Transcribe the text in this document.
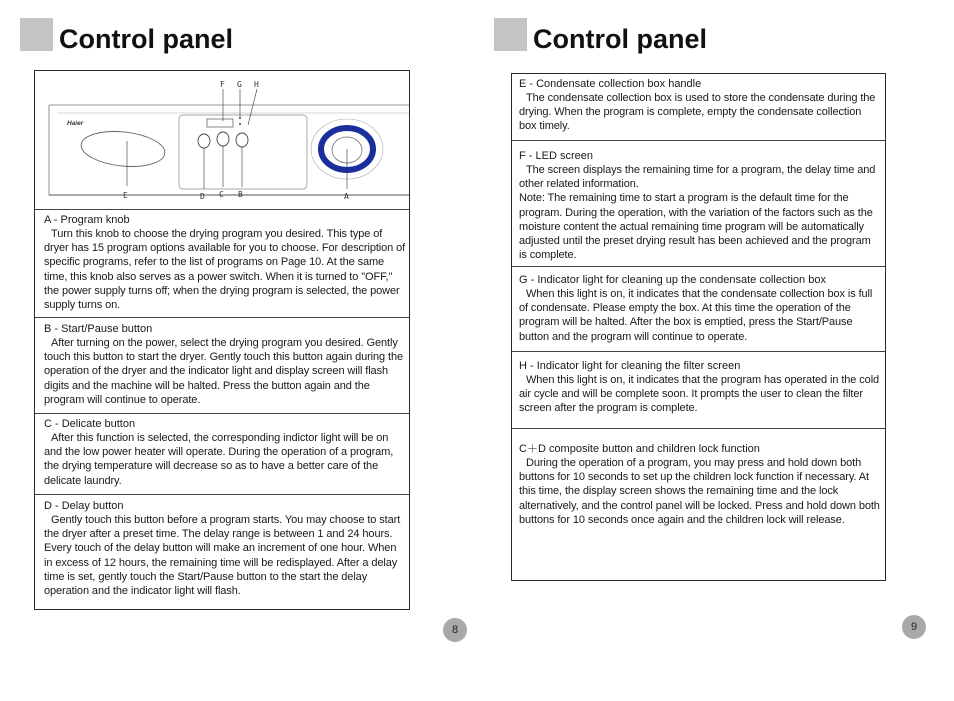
Control panel	Control panel
Haier
F G H
E	D C B	A
A - Program knob
Turn this knob to choose the drying program you desired. This type of dryer has 15 program options available for you to choose. For description of specific programs, refer to the list of programs on Page 10. At the same time, this knob also serves as a power switch. When it is turned to "OFF," the power supply turns off; when the drying program is selected, the power supply turns on.
B - Start/Pause button
After turning on the power, select the drying program you desired. Gently touch this button to start the dryer. Gently touch this button again during the operation of the dryer and the indicator light and display screen will flash digits and the machine will be halted. Press the button again and the program will continue to operate.
C - Delicate button
After this function is selected, the corresponding indictor light will be on and the low power heater will operate. During the operation of a program, the drying temperature will decrease so as to have a better care of the delicate laundry.
D - Delay button
Gently touch this button before a program starts. You may choose to start the dryer after a preset time. The delay range is between 1 and 24 hours. Every touch of the delay button will make an increment of one hour. When in excess of 12 hours, the remaining time will be redisplayed. After a delay time is set, gently touch the Start/Pause button to the start the delay operation and the indicator light will flash.
E - Condensate collection box handle
The condensate collection box is used to store the condensate during the drying. When the program is complete, empty the condensate collection box timely.
F - LED screen
The screen displays the remaining time for a program, the delay time and other related information.
Note: The remaining time to start a program is the default time for the program. During the operation, with the variation of the factors such as the moisture content the actual remaining time program will be automatically adjusted until the preset drying result has been achieved and the program is complete.
G - Indicator light for cleaning up the condensate collection box
When this light is on, it indicates that the condensate collection box is full of condensate. Please empty the box. At this time the operation of the program will be halted. After the box is emptied, press the Start/Pause button and the program will continue to operate.
H - Indicator light for cleaning the filter screen
When this light is on, it indicates that the program has operated in the cold air cycle and will be complete soon. It prompts the user to clean the filter screen after the program is complete.
C＋D composite button and children lock function
During the operation of a program, you may press and hold down both buttons for 10 seconds to set up the children lock function if necessary. At this time, the display screen shows the remaining time and the lock alternatively, and the control panel will be locked. Press and hold down both buttons for 10 seconds once again and the children lock will release.
8	9
